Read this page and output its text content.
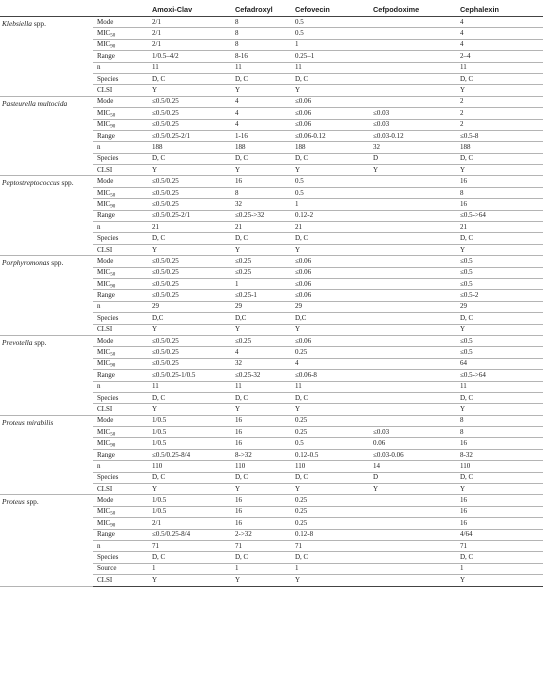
		Amoxi-Clav	Cefadroxyl	Cefovecin	Cefpodoxime	Cephalexin
Klebsiella spp.	Mode	2/1	8	0.5		4
	$MIC_{50}$	2/1	8	0.5		4
	$MIC_{90}$	2/1	8	1		4
	Range	1/0.5–4/2	8-16	0.25–1		2–4
	n	11	11	11		11
	Species	D, C	D, C	D, C		D, C
	CLSI	Y	Y	Y		Y
Pasteurella multocida	Mode	≤0.5/0.25	4	≤0.06		2
	$MIC_{50}$	≤0.5/0.25	4	≤0.06	≤0.03	2
	$MIC_{90}$	≤0.5/0.25	4	≤0.06	≤0.03	2
	Range	≤0.5/0.25-2/1	1-16	≤0.06-0.12	≤0.03-0.12	≤0.5-8
	n	188	188	188	32	188
	Species	D, C	D, C	D, C	D	D, C
	CLSI	Y	Y	Y	Y	Y
Peptostreptococcus spp.	Mode	≤0.5/0.25	16	0.5		16
	$MIC_{50}$	≤0.5/0.25	8	0.5		8
	$MIC_{90}$	≤0.5/0.25	32	1		16
	Range	≤0.5/0.25-2/1	≤0.25->32	0.12-2		≤0.5->64
	n	21	21	21		21
	Species	D, C	D, C	D, C		D, C
	CLSI	Y	Y	Y		Y
Porphyromonas spp.	Mode	≤0.5/0.25	≤0.25	≤0.06		≤0.5
	$MIC_{50}$	≤0.5/0.25	≤0.25	≤0.06		≤0.5
	$MIC_{90}$	≤0.5/0.25	1	≤0.06		≤0.5
	Range	≤0.5/0.25	≤0.25-1	≤0.06		≤0.5-2
	n	29	29	29		29
	Species	D,C	D,C	D,C		D, C
	CLSI	Y	Y	Y		Y
Prevotella spp.	Mode	≤0.5/0.25	≤0.25	≤0.06		≤0.5
	$MIC_{50}$	≤0.5/0.25	4	0.25		≤0.5
	$MIC_{90}$	≤0.5/0.25	32	4		64
	Range	≤0.5/0.25-1/0.5	≤0.25-32	≤0.06-8		≤0.5->64
	n	11	11	11		11
	Species	D, C	D, C	D, C		D, C
	CLSI	Y	Y	Y		Y
Proteus mirabilis	Mode	1/0.5	16	0.25		8
	$MIC_{50}$	1/0.5	16	0.25	≤0.03	8
	$MIC_{90}$	1/0.5	16	0.5	0.06	16
	Range	≤0.5/0.25-8/4	8->32	0.12-0.5	≤0.03-0.06	8-32
	n	110	110	110	14	110
	Species	D, C	D, C	D, C	D	D, C
	CLSI	Y	Y	Y	Y	Y
Proteus spp.	Mode	1/0.5	16	0.25		16
	$MIC_{50}$	1/0.5	16	0.25		16
	$MIC_{90}$	2/1	16	0.25		16
	Range	≤0.5/0.25-8/4	2->32	0.12-8		4/64
	n	71	71	71		71
	Species	D, C	D, C	D, C		D, C
	Source	1	1	1		1
	CLSI	Y	Y	Y		Y
